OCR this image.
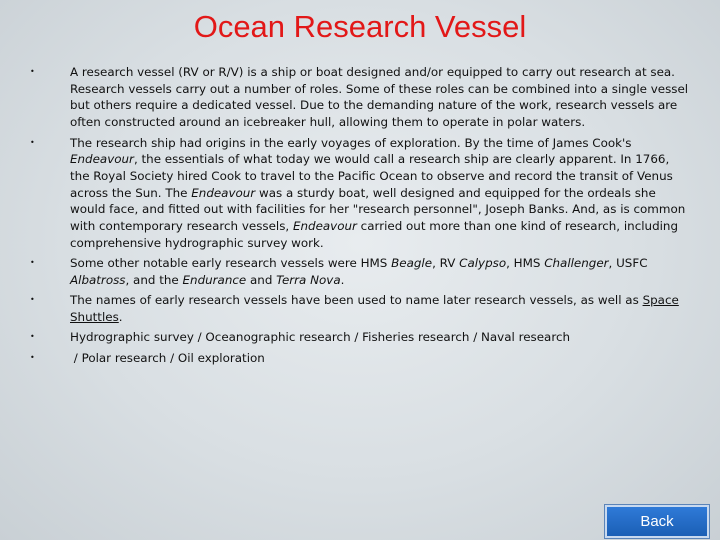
Ocean Research Vessel
•	A research vessel (RV or R/V) is a ship or boat designed and/or equipped to carry out research at sea. Research vessels carry out a number of roles. Some of these roles can be combined into a single vessel but others require a dedicated vessel. Due to the demanding nature of the work, research vessels are often constructed around an icebreaker hull, allowing them to operate in polar waters.
•	The research ship had origins in the early voyages of exploration. By the time of James Cook's Endeavour, the essentials of what today we would call a research ship are clearly apparent. In 1766, the Royal Society hired Cook to travel to the Pacific Ocean to observe and record the transit of Venus across the Sun. The Endeavour was a sturdy boat, well designed and equipped for the ordeals she would face, and fitted out with facilities for her "research personnel", Joseph Banks. And, as is common with contemporary research vessels, Endeavour carried out more than one kind of research, including comprehensive hydrographic survey work.
•	Some other notable early research vessels were HMS Beagle, RV Calypso, HMS Challenger, USFC Albatross, and the Endurance and Terra Nova.
•	The names of early research vessels have been used to name later research vessels, as well as Space Shuttles.
•	Hydrographic survey / Oceanographic research / Fisheries research / Naval research
•	/ Polar research / Oil exploration
Back
